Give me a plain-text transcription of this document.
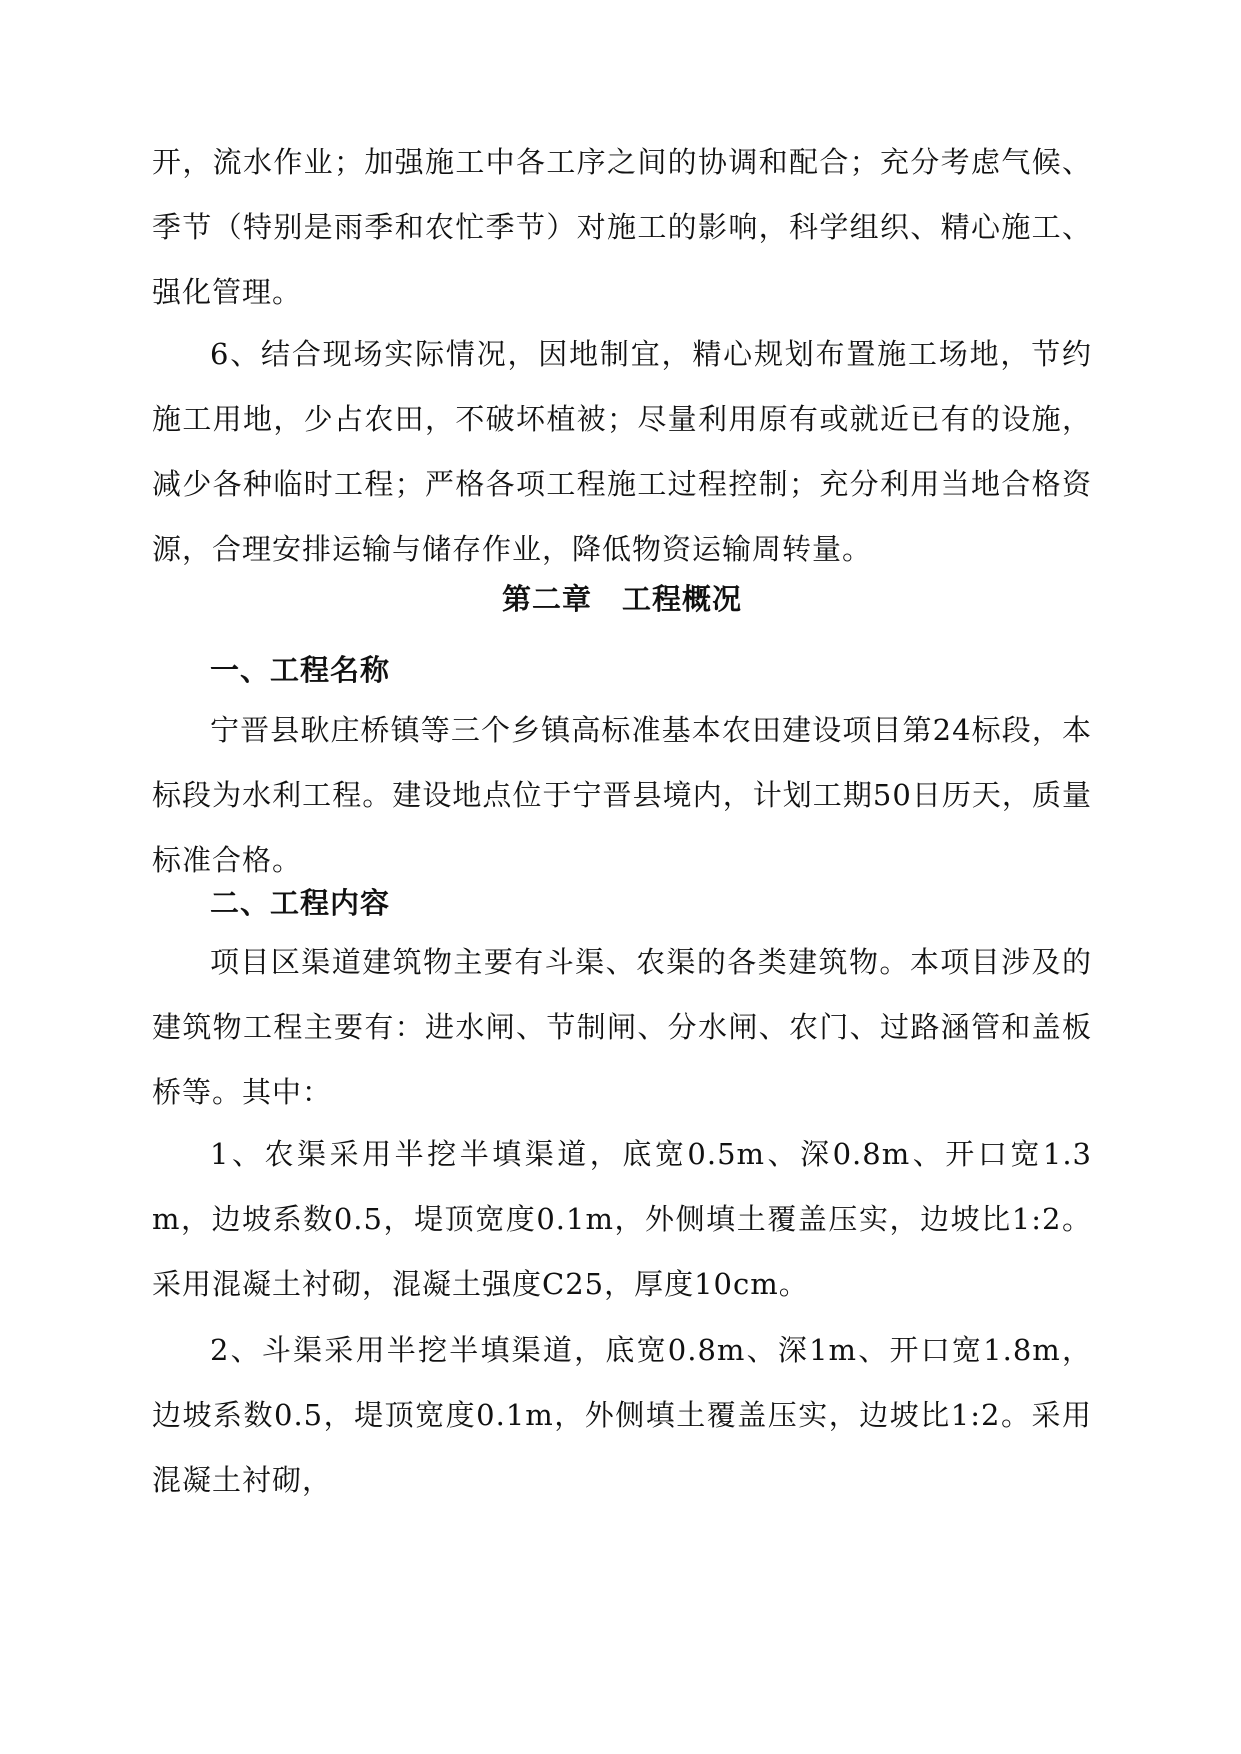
开，流水作业；加强施工中各工序之间的协调和配合；充分考虑气候、季节（特别是雨季和农忙季节）对施工的影响，科学组织、精心施工、强化管理。
6、结合现场实际情况，因地制宜，精心规划布置施工场地，节约施工用地，少占农田，不破坏植被；尽量利用原有或就近已有的设施，减少各种临时工程；严格各项工程施工过程控制；充分利用当地合格资源，合理安排运输与储存作业，降低物资运输周转量。
第二章　工程概况
一、工程名称
宁晋县耿庄桥镇等三个乡镇高标准基本农田建设项目第24标段，本标段为水利工程。建设地点位于宁晋县境内，计划工期50日历天，质量标准合格。
二、工程内容
项目区渠道建筑物主要有斗渠、农渠的各类建筑物。本项目涉及的建筑物工程主要有：进水闸、节制闸、分水闸、农门、过路涵管和盖板桥等。其中：
1、农渠采用半挖半填渠道，底宽0.5m、深0.8m、开口宽1.3m，边坡系数0.5，堤顶宽度0.1m，外侧填土覆盖压实，边坡比1:2。采用混凝土衬砌，混凝土强度C25，厚度10cm。
2、斗渠采用半挖半填渠道，底宽0.8m、深1m、开口宽1.8m，边坡系数0.5，堤顶宽度0.1m，外侧填土覆盖压实，边坡比1:2。采用混凝土衬砌，
